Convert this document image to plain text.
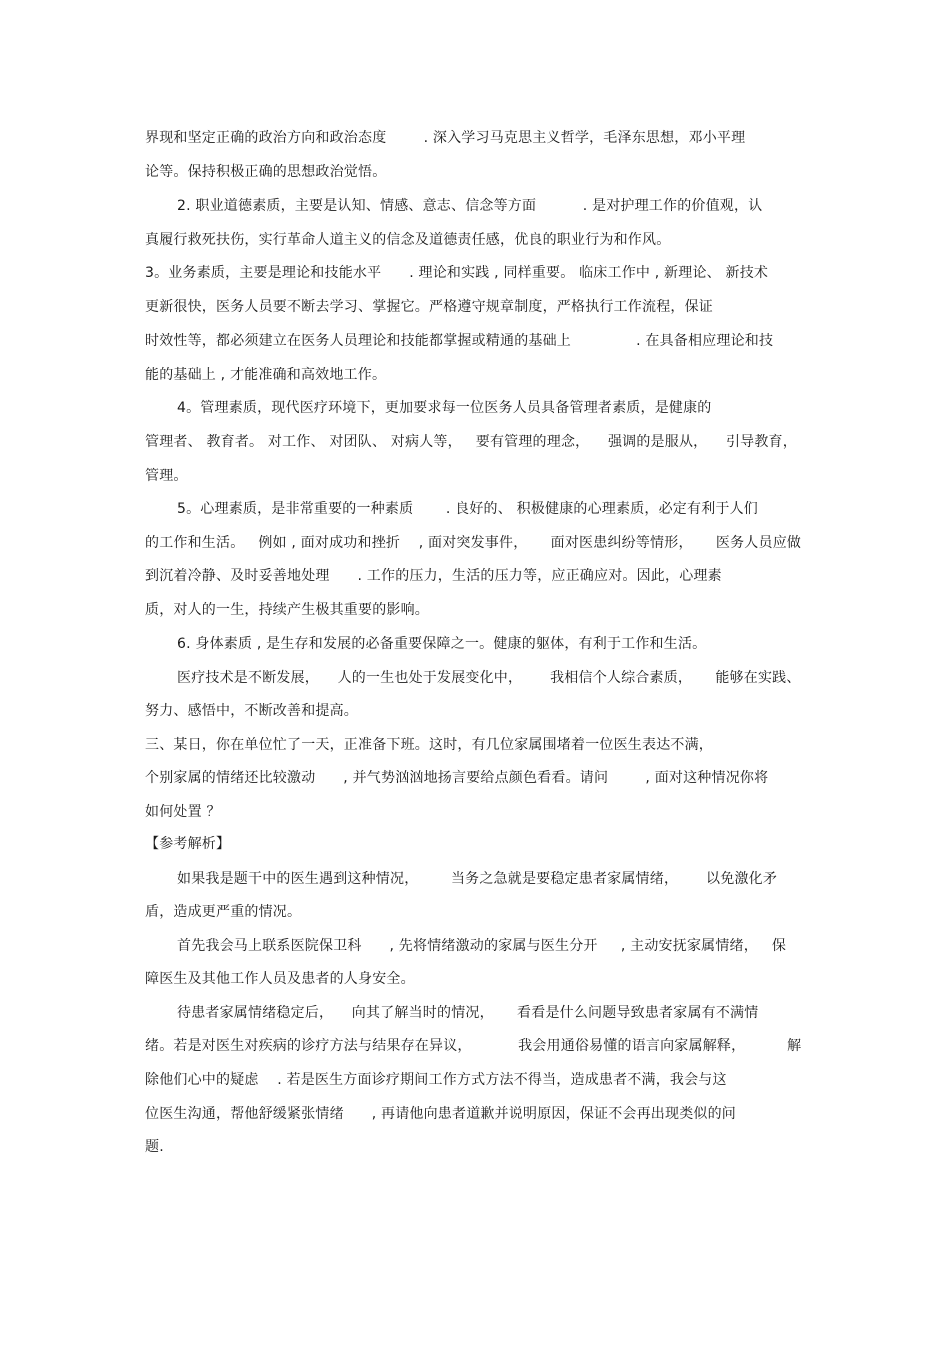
界现和坚定正确的政治方向和政治态度        . 深入学习马克思主义哲学，毛泽东思想，邓小平理
论等。保持积极正确的思想政治觉悟。
2. 职业道德素质，主要是认知、情感、意志、信念等方面          . 是对护理工作的价值观，认
真履行救死扶伤，实行革命人道主义的信念及道德责任感，优良的职业行为和作风。
3。业务素质，主要是理论和技能水平      . 理论和实践 , 同样重要。 临床工作中 , 新理论、 新技术
更新很快，医务人员要不断去学习、掌握它。严格遵守规章制度，严格执行工作流程，保证
时效性等，都必须建立在医务人员理论和技能都掌握或精通的基础上              . 在具备相应理论和技
能的基础上 , 才能准确和高效地工作。
4。管理素质，现代医疗环境下，更加要求每一位医务人员具备管理者素质，是健康的
管理者、 教育者。 对工作、 对团队、 对病人等，   要有管理的理念，    强调的是服从，    引导教育，
管理。
5。心理素质，是非常重要的一种素质       . 良好的、 积极健康的心理素质，必定有利于人们
的工作和生活。   例如 , 面对成功和挫折    , 面对突发事件，     面对医患纠纷等情形，     医务人员应做
到沉着冷静、及时妥善地处理      . 工作的压力，生活的压力等，应正确应对。因此，心理素
质，对人的一生，持续产生极其重要的影响。
6. 身体素质 , 是生存和发展的必备重要保障之一。健康的躯体，有利于工作和生活。
医疗技术是不断发展，    人的一生也处于发展变化中，      我相信个人综合素质，     能够在实践、
努力、感悟中，不断改善和提高。
三、某日，你在单位忙了一天，正准备下班。这时，有几位家属围堵着一位医生表达不满，
个别家属的情绪还比较激动      , 并气势汹汹地扬言要给点颜色看看。请问        , 面对这种情况你将
如何处置 ？
【参考解析】
如果我是题干中的医生遇到这种情况，       当务之急就是要稳定患者家属情绪，      以免激化矛
盾，造成更严重的情况。
首先我会马上联系医院保卫科      , 先将情绪激动的家属与医生分开     , 主动安抚家属情绪，   保
障医生及其他工作人员及患者的人身安全。
待患者家属情绪稳定后，    向其了解当时的情况，     看看是什么问题导致患者家属有不满情
绪。若是对医生对疾病的诊疗方法与结果存在异议，          我会用通俗易懂的语言向家属解释，         解
除他们心中的疑虑    . 若是医生方面诊疗期间工作方式方法不得当，造成患者不满，我会与这
位医生沟通，帮他舒缓紧张情绪      , 再请他向患者道歉并说明原因，保证不会再出现类似的问
题.
